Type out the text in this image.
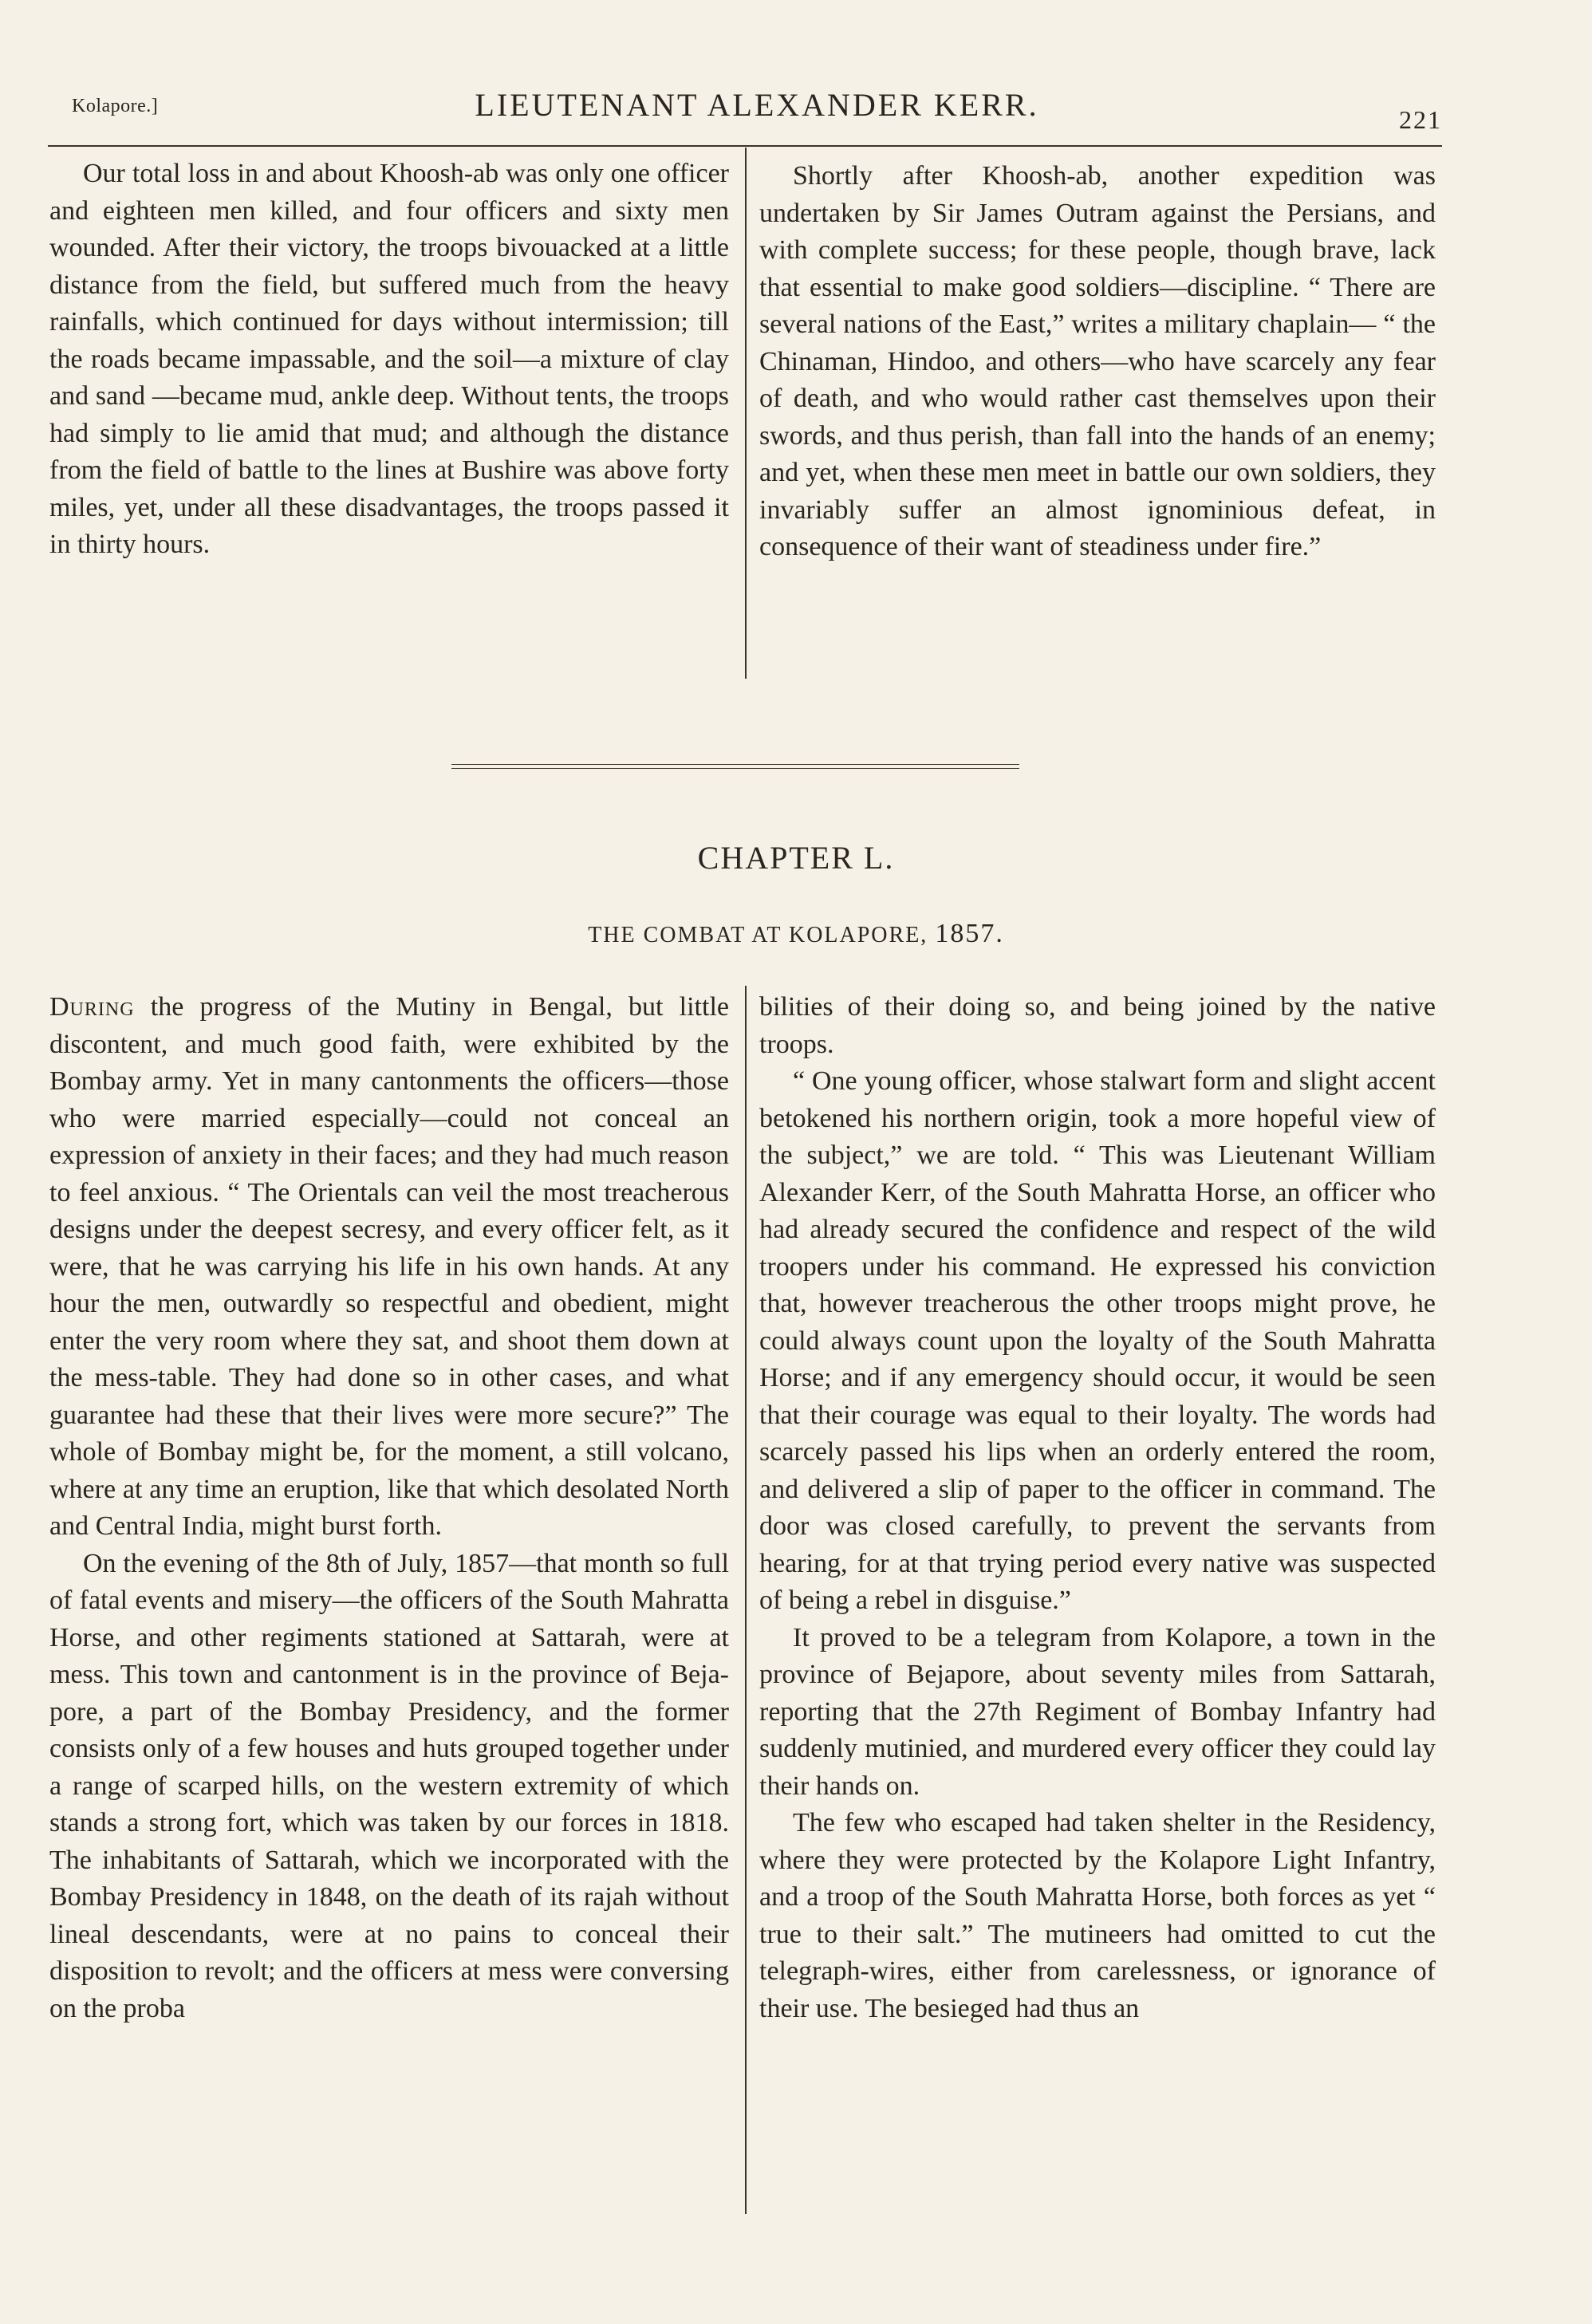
Kolapore.]	LIEUTENANT ALEXANDER KERR.	221

Our total loss in and about Khoosh-ab was only one officer and eighteen men killed, and four officers and sixty men wounded. After their victory, the troops bivouacked at a little distance from the field, but suffered much from the heavy rainfalls, which continued for days without intermission; till the roads became impassable, and the soil—a mixture of clay and sand —became mud, ankle deep. Without tents, the troops had simply to lie amid that mud; and although the distance from the field of battle to the lines at Bushire was above forty miles, yet, under all these disadvantages, the troops passed it in thirty hours.

Shortly after Khoosh-ab, another expedition was undertaken by Sir James Outram against the Persians, and with complete success; for these people, though brave, lack that essential to make good soldiers—discipline. “ There are several nations of the East,” writes a military chaplain— “ the Chinaman, Hindoo, and others—who have scarcely any fear of death, and who would rather cast themselves upon their swords, and thus perish, than fall into the hands of an enemy; and yet, when these men meet in battle our own soldiers, they invariably suffer an almost ignominious defeat, in consequence of their want of steadiness under fire.”

CHAPTER L.
THE COMBAT AT KOLAPORE, 1857.

During the progress of the Mutiny in Bengal, but little discontent, and much good faith, were exhibited by the Bombay army. Yet in many cantonments the officers—those who were married especially—could not conceal an expression of anxiety in their faces; and they had much reason to feel anxious. “ The Orientals can veil the most treacherous designs under the deepest secresy, and every officer felt, as it were, that he was carrying his life in his own hands. At any hour the men, outwardly so respectful and obedient, might enter the very room where they sat, and shoot them down at the mess-table. They had done so in other cases, and what guarantee had these that their lives were more secure?” The whole of Bombay might be, for the moment, a still volcano, where at any time an eruption, like that which desolated North and Central India, might burst forth.

On the evening of the 8th of July, 1857—that month so full of fatal events and misery—the officers of the South Mahratta Horse, and other regiments stationed at Sattarah, were at mess. This town and cantonment is in the province of Bejapore, a part of the Bombay Presidency, and the former consists only of a few houses and huts grouped together under a range of scarped hills, on the western extremity of which stands a strong fort, which was taken by our forces in 1818. The inhabitants of Sattarah, which we incorporated with the Bombay Presidency in 1848, on the death of its rajah without lineal descendants, were at no pains to conceal their disposition to revolt; and the officers at mess were conversing on the proba

bilities of their doing so, and being joined by the native troops.

“ One young officer, whose stalwart form and slight accent betokened his northern origin, took a more hopeful view of the subject,” we are told. “ This was Lieutenant William Alexander Kerr, of the South Mahratta Horse, an officer who had already secured the confidence and respect of the wild troopers under his command. He expressed his conviction that, however treacherous the other troops might prove, he could always count upon the loyalty of the South Mahratta Horse; and if any emergency should occur, it would be seen that their courage was equal to their loyalty. The words had scarcely passed his lips when an orderly entered the room, and delivered a slip of paper to the officer in command. The door was closed carefully, to prevent the servants from hearing, for at that trying period every native was suspected of being a rebel in disguise.”

It proved to be a telegram from Kolapore, a town in the province of Bejapore, about seventy miles from Sattarah, reporting that the 27th Regiment of Bombay Infantry had suddenly mutinied, and murdered every officer they could lay their hands on.

The few who escaped had taken shelter in the Residency, where they were protected by the Kolapore Light Infantry, and a troop of the South Mahratta Horse, both forces as yet “ true to their salt.” The mutineers had omitted to cut the telegraph-wires, either from carelessness, or ignorance of their use. The besieged had thus an
